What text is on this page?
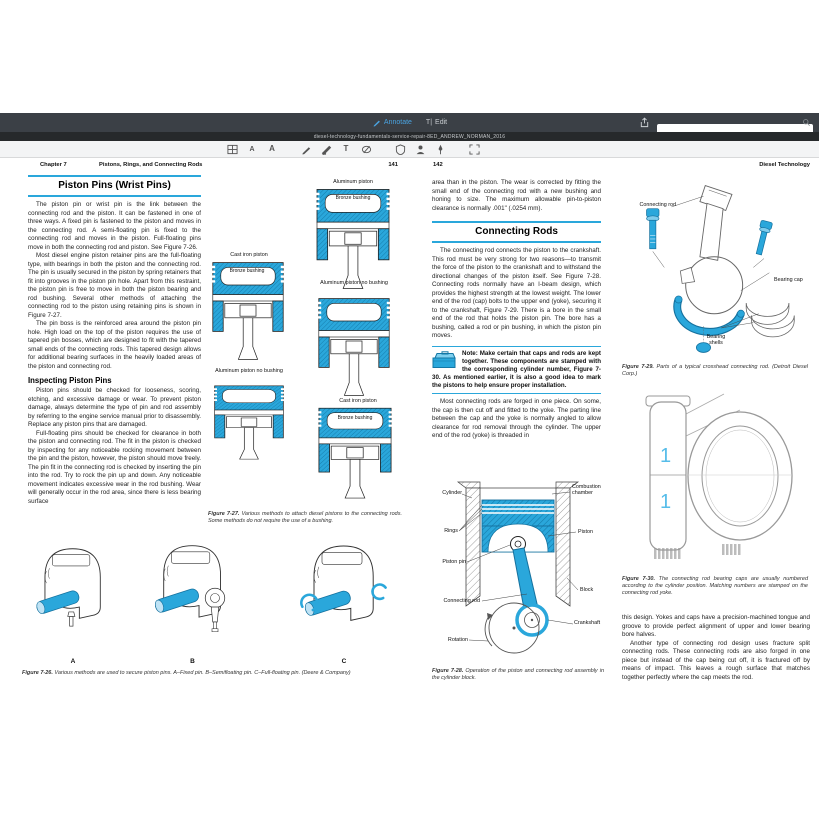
Annotate T| Edit
diesel-technology-fundamentals-service-repair-8ED_ANDREW_NORMAN_2016
A A	T
Chapter 7	Pistons, Rings, and Connecting Rods	141
Piston Pins (Wrist Pins)

The piston pin or wrist pin is the link between the connecting rod and the piston. It can be fastened in one of three ways. A fixed pin is fastened to the piston and moves in the connecting rod. A semi-floating pin is fixed to the connecting rod and moves in the piston. Full-floating pins move in both the connecting rod and piston. See Figure 7-26.

Most diesel engine piston retainer pins are the full-floating type, with bearings in both the piston and the connecting rod. The pin is usually secured in the piston by spring retainers that fit into grooves in the piston pin hole. Apart from this restraint, the piston pin is free to move in both the piston bearing and rod bushing. Several other methods of attaching the connecting rod to the piston using retaining pins is shown in Figure 7-27.

The pin boss is the reinforced area around the piston pin hole. High load on the top of the piston requires the use of tapered pin bosses, which are designed to fit with the tapered small ends of the connecting rods. This tapered design allows for additional bearing surfaces in the heavily loaded areas of the piston and connecting rod.

Inspecting Piston Pins

Piston pins should be checked for looseness, scoring, etching, and excessive damage or wear. To prevent piston damage, always determine the type of pin and rod assembly by referring to the engine service manual prior to disassembly. Replace any piston pins that are damaged.

Full-floating pins should be checked for clearance in both the piston and connecting rod. The fit in the piston is checked by inspecting for any noticeable rocking movement between the pin and the piston, however, the piston should move freely. The pin fit in the connecting rod is checked by inserting the pin into the rod. Try to rock the pin up and down. Any noticeable movement indicates excessive wear in the rod bushing. Wear will generally occur in the rod area, since there is less bearing surface

Aluminum piston
Bronze bushing
Cast iron piston
Bronze bushing
Aluminum piston no bushing
Aluminum piston no bushing
Cast iron piston
Bronze bushing
Figure 7-27. Various methods to attach diesel pistons to the connecting rods. Some methods do not require the use of a bushing.
A	B	C
Figure 7-26. Various methods are used to secure piston pins. A–Fixed pin. B–Semifloating pin. C–Full-floating pin. (Deere & Company)
142	Diesel Technology

area than in the piston. The wear is corrected by fitting the small end of the connecting rod with a new bushing and honing to size. The maximum allowable pin-to-piston clearance is normally .001" (.0254 mm).

Connecting Rods

The connecting rod connects the piston to the crankshaft. This rod must be very strong for two reasons—to transmit the force of the piston to the crankshaft and to withstand the directional changes of the piston itself. See Figure 7-28. Connecting rods normally have an I-beam design, which provides the highest strength at the lowest weight. The lower end of the rod (cap) bolts to the upper end (yoke), securing it to the crankshaft, Figure 7-29. There is a bore in the small end of the rod that holds the piston pin. The bore has a bushing, called a rod or pin bushing, in which the piston pin moves.

Note: Make certain that caps and rods are kept together. These components are stamped with the corresponding cylinder number, Figure 7-30. As mentioned earlier, it is also a good idea to mark the pistons to help ensure proper installation.

Most connecting rods are forged in one piece. On some, the cap is then cut off and fitted to the yoke. The parting line between the cap and the yoke is normally angled to allow clearance for rod removal through the cylinder. The upper end of the rod (yoke) is threaded in

Cylinder
Combustion chamber
Rings	Piston
Piston pin
Connecting rod
Block
Crankshaft
Rotation
Figure 7-28. Operation of the piston and connecting rod assembly in the cylinder block.
Connecting rod
Bearing cap
Bearing shells
Figure 7-29. Parts of a typical crosshead connecting rod. (Detroit Diesel Corp.)
1
1
Figure 7-30. The connecting rod bearing caps are usually numbered according to the cylinder position. Matching numbers are stamped on the connecting rod yoke.

this design. Yokes and caps have a precision-machined tongue and groove to provide perfect alignment of upper and lower bearing bore halves.

Another type of connecting rod design uses fracture split connecting rods. These connecting rods are also forged in one piece but instead of the cap being cut off, it is fractured off by means of impact. This leaves a rough surface that matches together perfectly where the cap meets the rod.
